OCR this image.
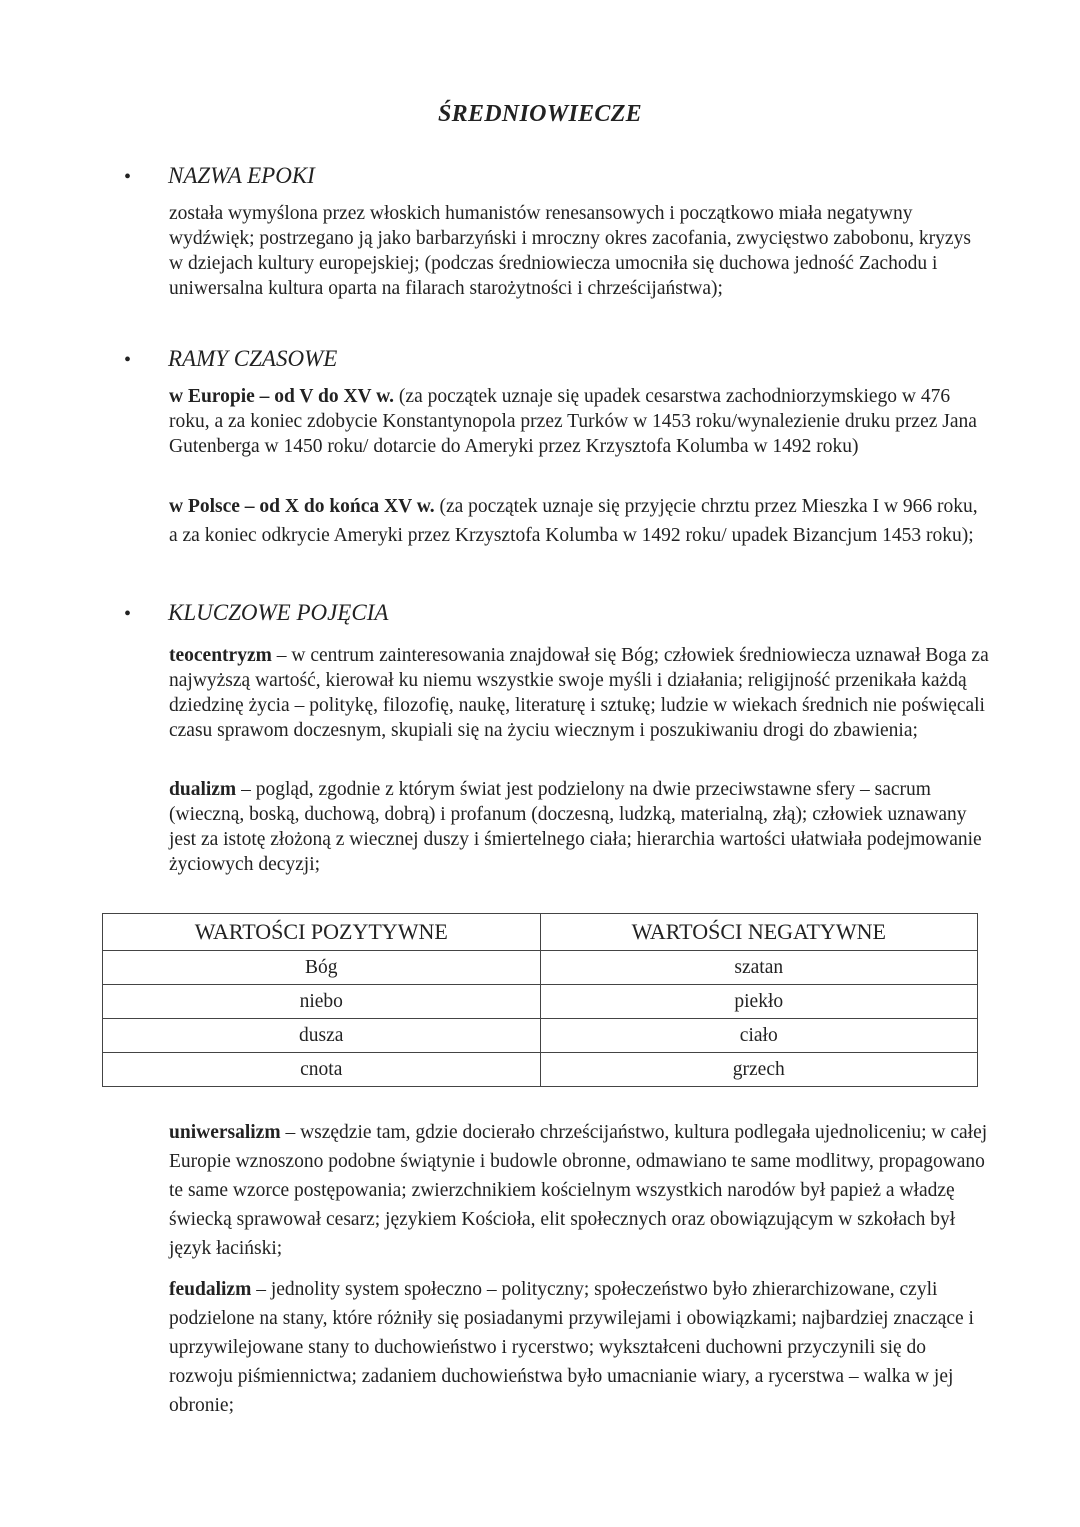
ŚREDNIOWIECZE
• NAZWA EPOKI

została wymyślona przez włoskich humanistów renesansowych i początkowo miała negatywny wydźwięk; postrzegano ją jako barbarzyński i mroczny okres zacofania, zwycięstwo zabobonu, kryzys w dziejach kultury europejskiej; (podczas średniowiecza umocniła się duchowa jedność Zachodu i uniwersalna kultura oparta na filarach starożytności i chrześcijaństwa);

• RAMY CZASOWE

w Europie – od V do XV w. (za początek uznaje się upadek cesarstwa zachodniorzymskiego w 476 roku, a za koniec zdobycie Konstantynopola przez Turków w 1453 roku/wynalezienie druku przez Jana Gutenberga w 1450 roku/ dotarcie do Ameryki przez Krzysztofa Kolumba w 1492 roku)

w Polsce – od X do końca XV w. (za początek uznaje się przyjęcie chrztu przez Mieszka I w 966 roku, a za koniec odkrycie Ameryki przez Krzysztofa Kolumba w 1492 roku/ upadek Bizancjum 1453 roku);

• KLUCZOWE POJĘCIA

teocentryzm – w centrum zainteresowania znajdował się Bóg; człowiek średniowiecza uznawał Boga za najwyższą wartość, kierował ku niemu wszystkie swoje myśli i działania; religijność przenikała każdą dziedzinę życia – politykę, filozofię, naukę, literaturę i sztukę; ludzie w wiekach średnich nie poświęcali czasu sprawom doczesnym, skupiali się na życiu wiecznym i poszukiwaniu drogi do zbawienia;

dualizm – pogląd, zgodnie z którym świat jest podzielony na dwie przeciwstawne sfery – sacrum (wieczną, boską, duchową, dobrą) i profanum (doczesną, ludzką, materialną, złą); człowiek uznawany jest za istotę złożoną z wiecznej duszy i śmiertelnego ciała; hierarchia wartości ułatwiała podejmowanie życiowych decyzji;

WARTOŚCI POZYTYWNE	WARTOŚCI NEGATYWNE
Bóg	szatan
niebo	piekło
dusza	ciało
cnota	grzech

uniwersalizm – wszędzie tam, gdzie docierało chrześcijaństwo, kultura podlegała ujednoliceniu; w całej Europie wznoszono podobne świątynie i budowle obronne, odmawiano te same modlitwy, propagowano te same wzorce postępowania; zwierzchnikiem kościelnym wszystkich narodów był papież a władzę świecką sprawował cesarz; językiem Kościoła, elit społecznych oraz obowiązującym w szkołach był język łaciński;

feudalizm – jednolity system społeczno – polityczny; społeczeństwo było zhierarchizowane, czyli podzielone na stany, które różniły się posiadanymi przywilejami i obowiązkami; najbardziej znaczące i uprzywilejowane stany to duchowieństwo i rycerstwo; wykształceni duchowni przyczynili się do rozwoju piśmiennictwa; zadaniem duchowieństwa było umacnianie wiary, a rycerstwa – walka w jej obronie;
